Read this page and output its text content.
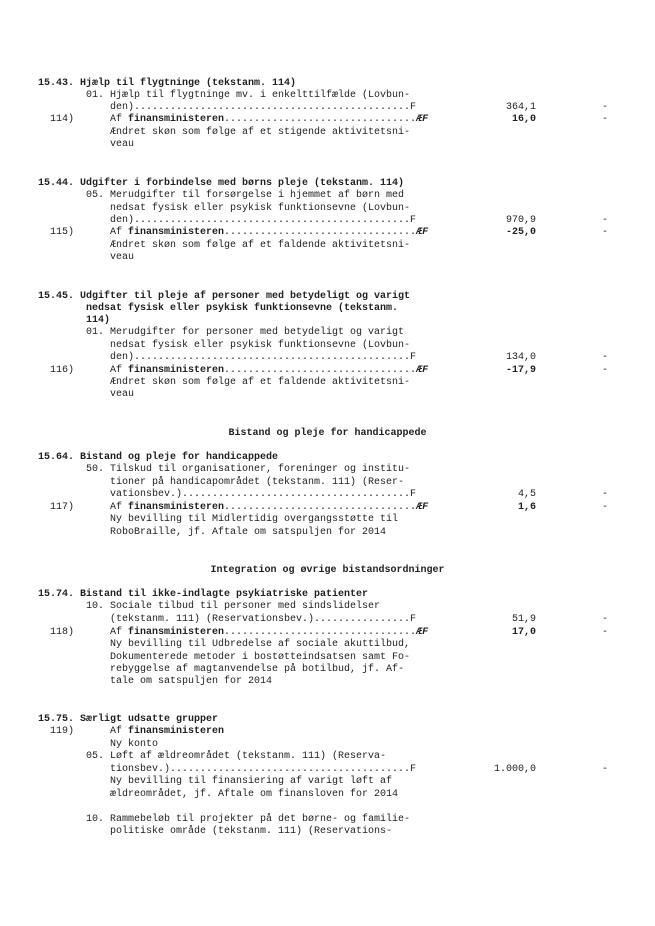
15.43. Hjælp til flygtninge (tekstanm. 114)
01. Hjælp til flygtninge mv. i enkelttilfælde (Lovbun-
den)..............................................F	364,1	-
114)	Af finansministeren................................ÆF	16,0	-
Ændret skøn som følge af et stigende aktivitetsni-
veau
15.44. Udgifter i forbindelse med børns pleje (tekstanm. 114)
05. Merudgifter til forsørgelse i hjemmet af børn med
nedsat fysisk eller psykisk funktionsevne (Lovbun-
den)..............................................F	970,9	-
115)	Af finansministeren................................ÆF	-25,0	-
Ændret skøn som følge af et faldende aktivitetsni-
veau
15.45. Udgifter til pleje af personer med betydeligt og varigt
nedsat fysisk eller psykisk funktionsevne (tekstanm.
114)
01. Merudgifter for personer med betydeligt og varigt
nedsat fysisk eller psykisk funktionsevne (Lovbun-
den)..............................................F	134,0	-
116)	Af finansministeren................................ÆF	-17,9	-
Ændret skøn som følge af et faldende aktivitetsni-
veau
Bistand og pleje for handicappede
15.64. Bistand og pleje for handicappede
50. Tilskud til organisationer, foreninger og institu-
tioner på handicapområdet (tekstanm. 111) (Reser-
vationsbev.)......................................F	4,5	-
117)	Af finansministeren................................ÆF	1,6	-
Ny bevilling til Midlertidig overgangsstøtte til
RoboBraille, jf. Aftale om satspuljen for 2014
Integration og øvrige bistandsordninger
15.74. Bistand til ikke-indlagte psykiatriske patienter
10. Sociale tilbud til personer med sindslidelser
(tekstanm. 111) (Reservationsbev.)................F	51,9	-
118)	Af finansministeren................................ÆF	17,0	-
Ny bevilling til Udbredelse af sociale akuttilbud,
Dokumenterede metoder i bostøtteindsatsen samt Fo-
rebyggelse af magtanvendelse på botilbud, jf. Af-
tale om satspuljen for 2014
15.75. Særligt udsatte grupper
119)	Af finansministeren
Ny konto
05. Løft af ældreområdet (tekstanm. 111) (Reserva-
tionsbev.)........................................F	1.000,0	-
Ny bevilling til finansiering af varigt løft af
ældreområdet, jf. Aftale om finansloven for 2014
10. Rammebeløb til projekter på det børne- og familie-
politiske område (tekstanm. 111) (Reservations-
